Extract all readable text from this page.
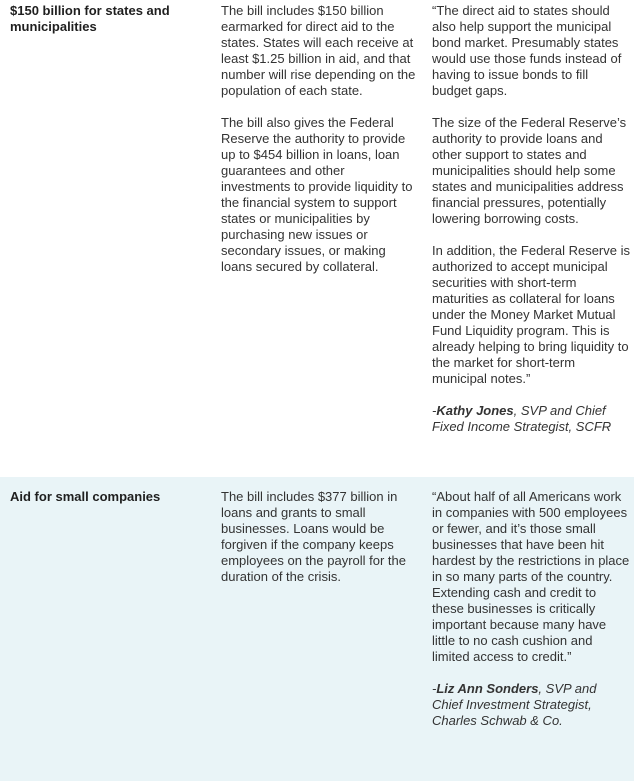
$150 billion for states and municipalities

The bill includes $150 billion earmarked for direct aid to the states. States will each receive at least $1.25 billion in aid, and that number will rise depending on the population of each state.

The bill also gives the Federal Reserve the authority to provide up to $454 billion in loans, loan guarantees and other investments to provide liquidity to the financial system to support states or municipalities by purchasing new issues or secondary issues, or making loans secured by collateral.

“The direct aid to states should also help support the municipal bond market. Presumably states would use those funds instead of having to issue bonds to fill budget gaps.

The size of the Federal Reserve’s authority to provide loans and other support to states and municipalities should help some states and municipalities address financial pressures, potentially lowering borrowing costs.

In addition, the Federal Reserve is authorized to accept municipal securities with short-term maturities as collateral for loans under the Money Market Mutual Fund Liquidity program. This is already helping to bring liquidity to the market for short-term municipal notes.”

-Kathy Jones, SVP and Chief Fixed Income Strategist, SCFR

Aid for small companies	The bill includes $377 billion in loans and grants to small businesses. Loans would be forgiven if the company keeps employees on the payroll for the duration of the crisis.

“About half of all Americans work in companies with 500 employees or fewer, and it’s those small businesses that have been hit hardest by the restrictions in place in so many parts of the country. Extending cash and credit to these businesses is critically important because many have little to no cash cushion and limited access to credit.”

-Liz Ann Sonders, SVP and Chief Investment Strategist, Charles Schwab & Co.
